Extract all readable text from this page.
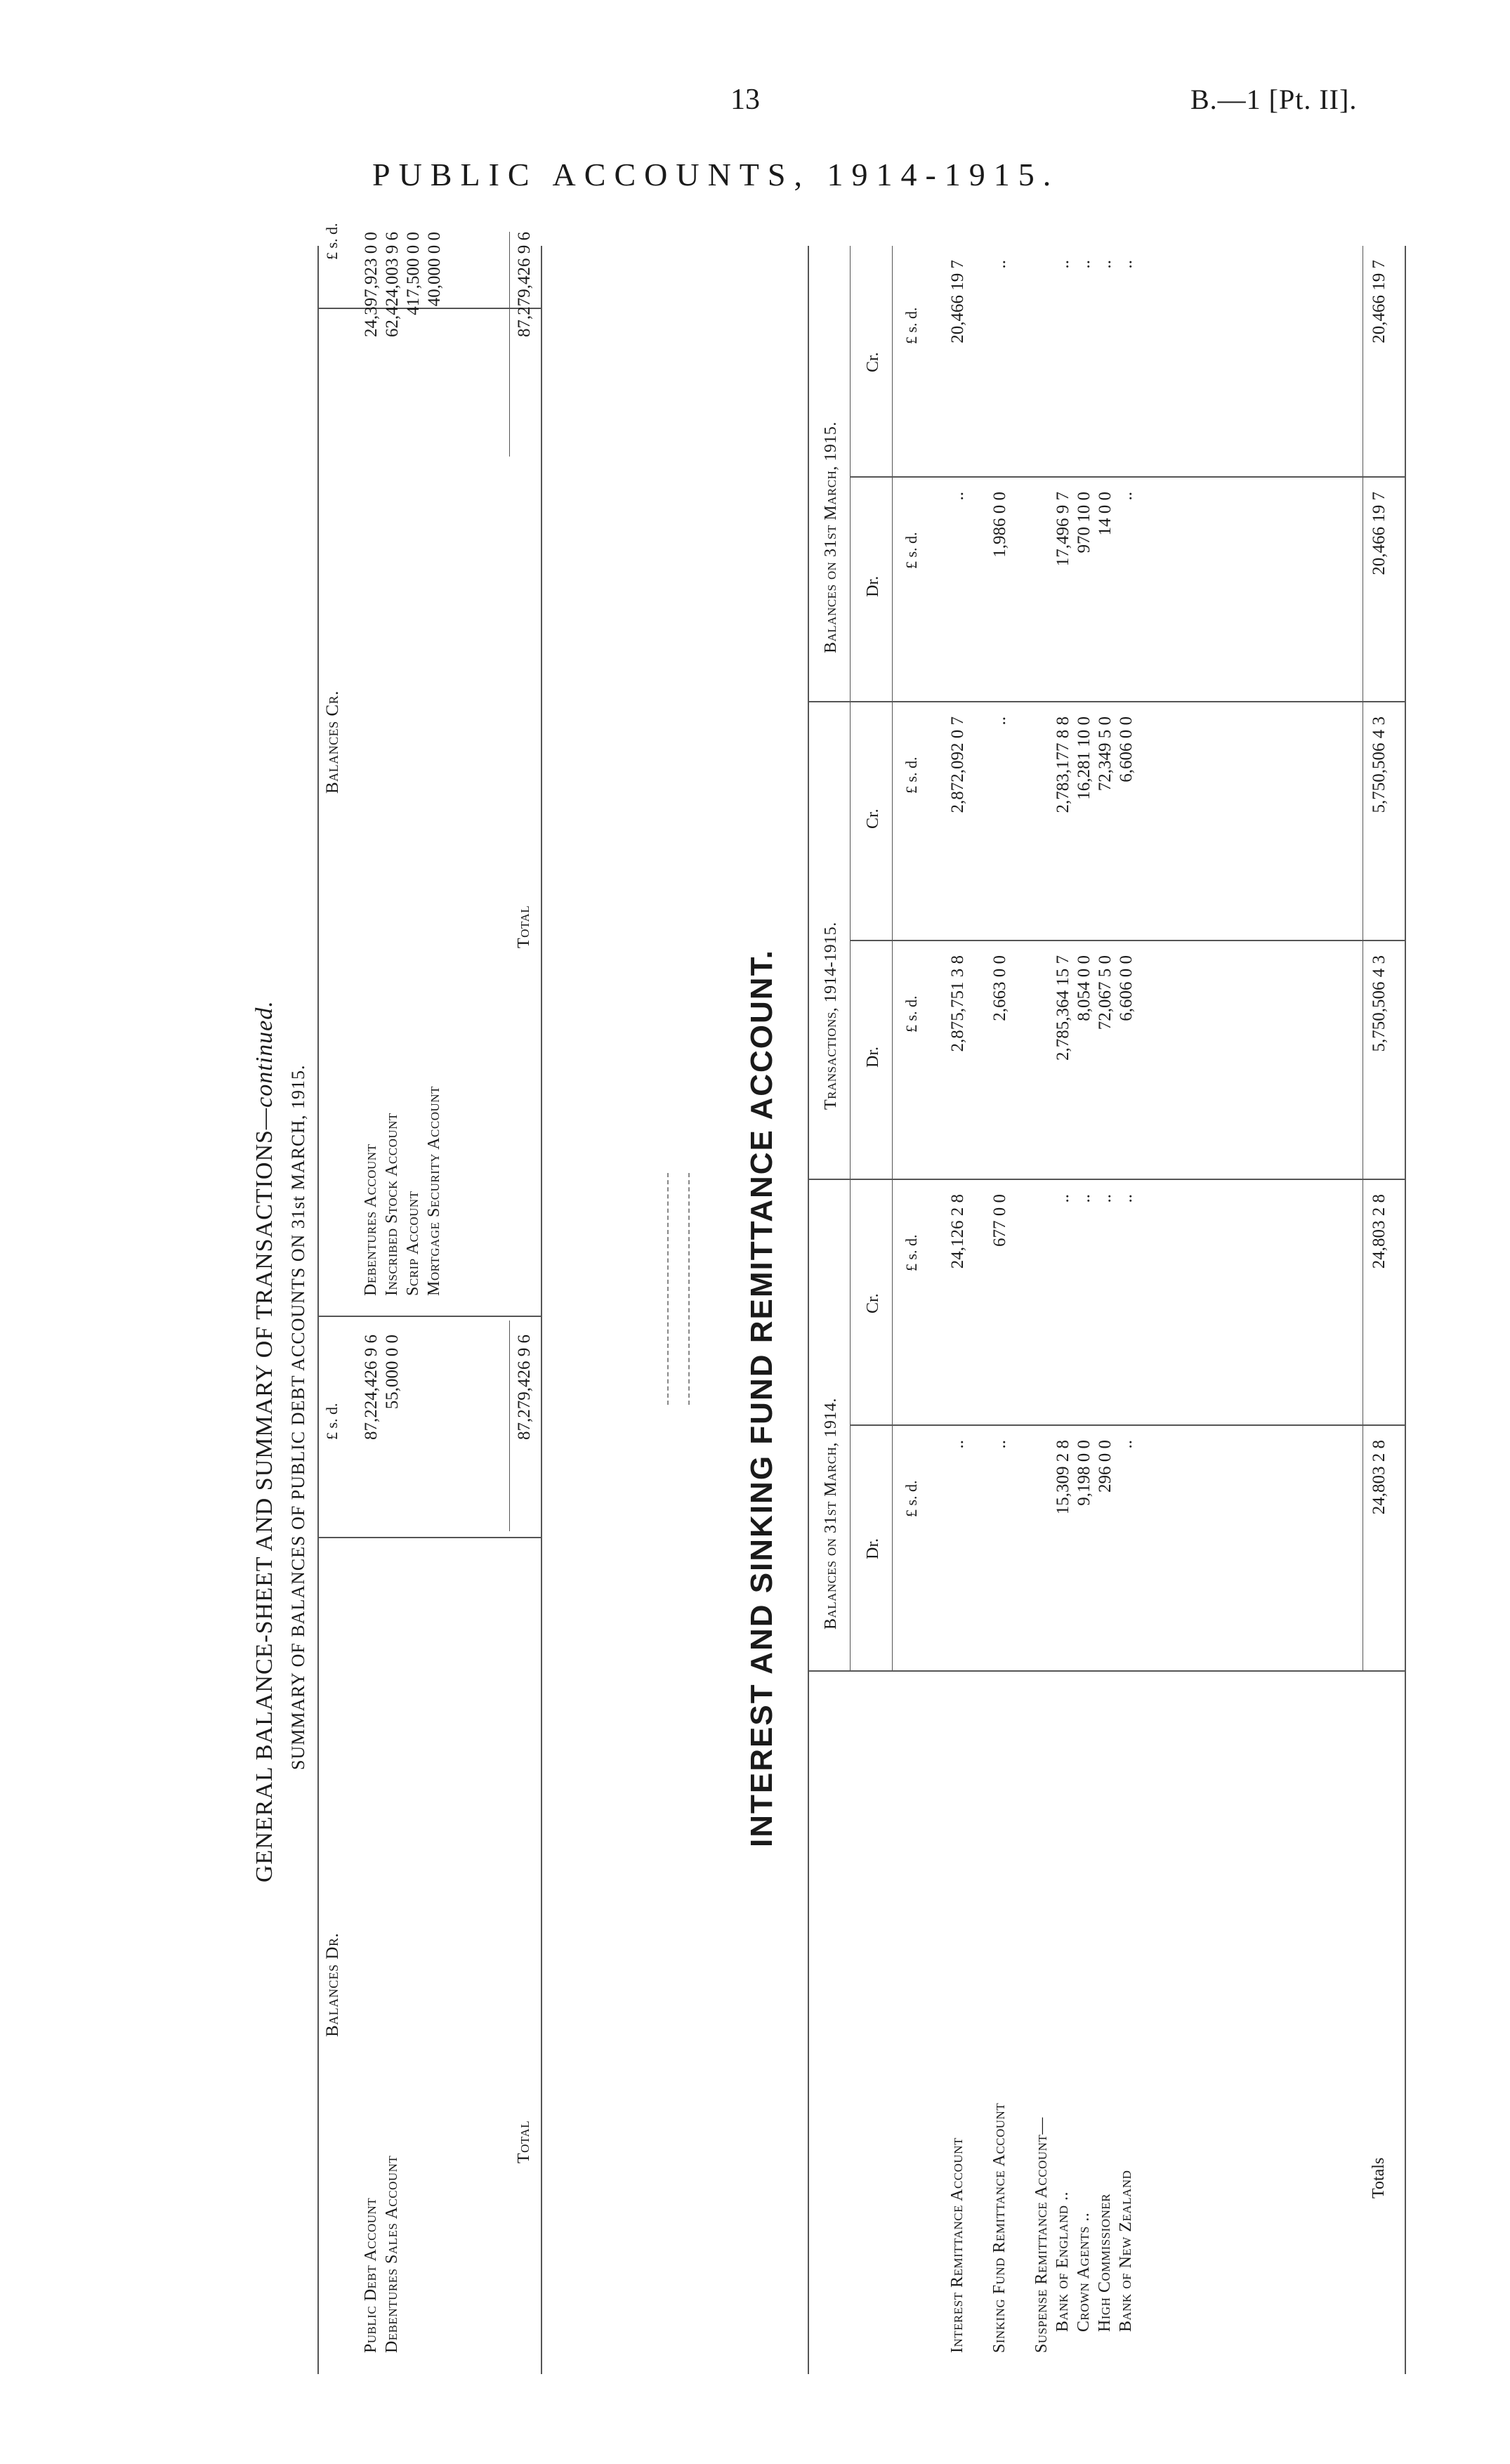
13	B.—1 [Pt. II].
PUBLIC ACCOUNTS, 1914-1915.
GENERAL BALANCE-SHEET AND SUMMARY OF TRANSACTIONS—continued. SUMMARY OF BALANCES OF PUBLIC DEBT ACCOUNTS ON 31st MARCH, 1915.
Balances Dr.
£ s. d.
Public Debt Account
87,224,426 9 6
Debentures Sales Account
55,000 0 0
Total
87,279,426 9 6
Balances Cr.
£ s. d.
Debentures Account
24,397,923 0 0
Inscribed Stock Account
62,424,003 9 6
Scrip Account
417,500 0 0
Mortgage Security Account
40,000 0 0
Total
87,279,426 9 6
INTEREST AND SINKING FUND REMITTANCE ACCOUNT.	Balances on 31st March, 1914.
Transactions, 1914-1915.
Balances on 31st March, 1915.
Dr.
Cr.
Dr.
Cr.
Dr.
Cr.
£ s. d.
£ s. d.
£ s. d.
£ s. d.
£ s. d.
£ s. d.
Interest Remittance Account
..
24,126 2 8
2,875,751 3 8
2,872,092 0 7
..
20,466 19 7
Sinking Fund Remittance Account
..
677 0 0
2,663 0 0
..
1,986 0 0
..
Suspense Remittance Account— Bank of England ..
15,309 2 8
..
2,785,364 15 7
2,783,177 8 8
17,496 9 7
..
Crown Agents ..
9,198 0 0
..
8,054 0 0
16,281 10 0
970 10 0
..
High Commissioner
296 0 0
..
72,067 5 0
72,349 5 0
14 0 0
..
Bank of New Zealand
..
..
6,606 0 0
6,606 0 0
..
..
Totals
24,803 2 8
24,803 2 8
5,750,506 4 3
5,750,506 4 3
20,466 19 7
20,466 19 7
